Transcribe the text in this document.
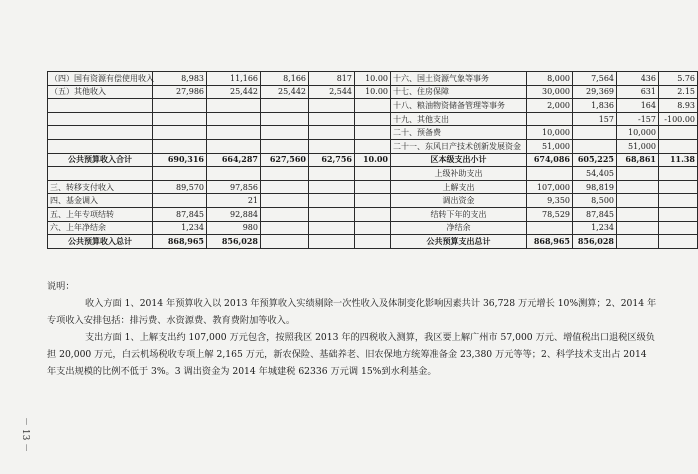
（四）国有资源有偿使用收入	8,983	11,166	8,166	817	10.00	十六、国土资源气象等事务	8,000	7,564	436	5.76
（五）其他收入	27,986	25,442	25,442	2,544	10.00	十七、住房保障	30,000	29,369	631	2.15
						十八、粮油物资储备管理等事务	2,000	1,836	164	8.93
						十九、其他支出		157	-157	-100.00
						二十、预备费	10,000		10,000	
						二十一、东风日产技术创新发展资金	51,000		51,000	
公共预算收入合计	690,316	664,287	627,560	62,756	10.00	区本级支出小计	674,086	605,225	68,861	11.38
						上级补助支出		54,405		
三、转移支付收入	89,570	97,856				上解支出	107,000	98,819		
四、基金调入		21				调出资金	9,350	8,500		
五、上年专项结转	87,845	92,884				结转下年的支出	78,529	87,845		
六、上年净结余	1,234	980				净结余		1,234		
公共预算收入总计	868,965	856,028				公共预算支出总计	868,965	856,028		

说明：

收入方面 1、2014 年预算收入以 2013 年预算收入实绩剔除一次性收入及体制变化影响因素共计 36,728 万元增长 10%测算；2、2014 年专项收入安排包括：排污费、水资源费、教育费附加等收入。

支出方面 1、上解支出约 107,000 万元包含，按照我区 2013 年的四税收入测算，我区要上解广州市 57,000 万元、增值税出口退税区级负担 20,000 万元，白云机场税收专项上解 2,165 万元，新农保险、基础养老、旧农保地方统筹准备金 23,380 万元等等；2、科学技术支出占 2014 年支出规模的比例不低于 3%。3 调出资金为 2014 年城建税 62336 万元调 15%到水利基金。

－ 13 －
